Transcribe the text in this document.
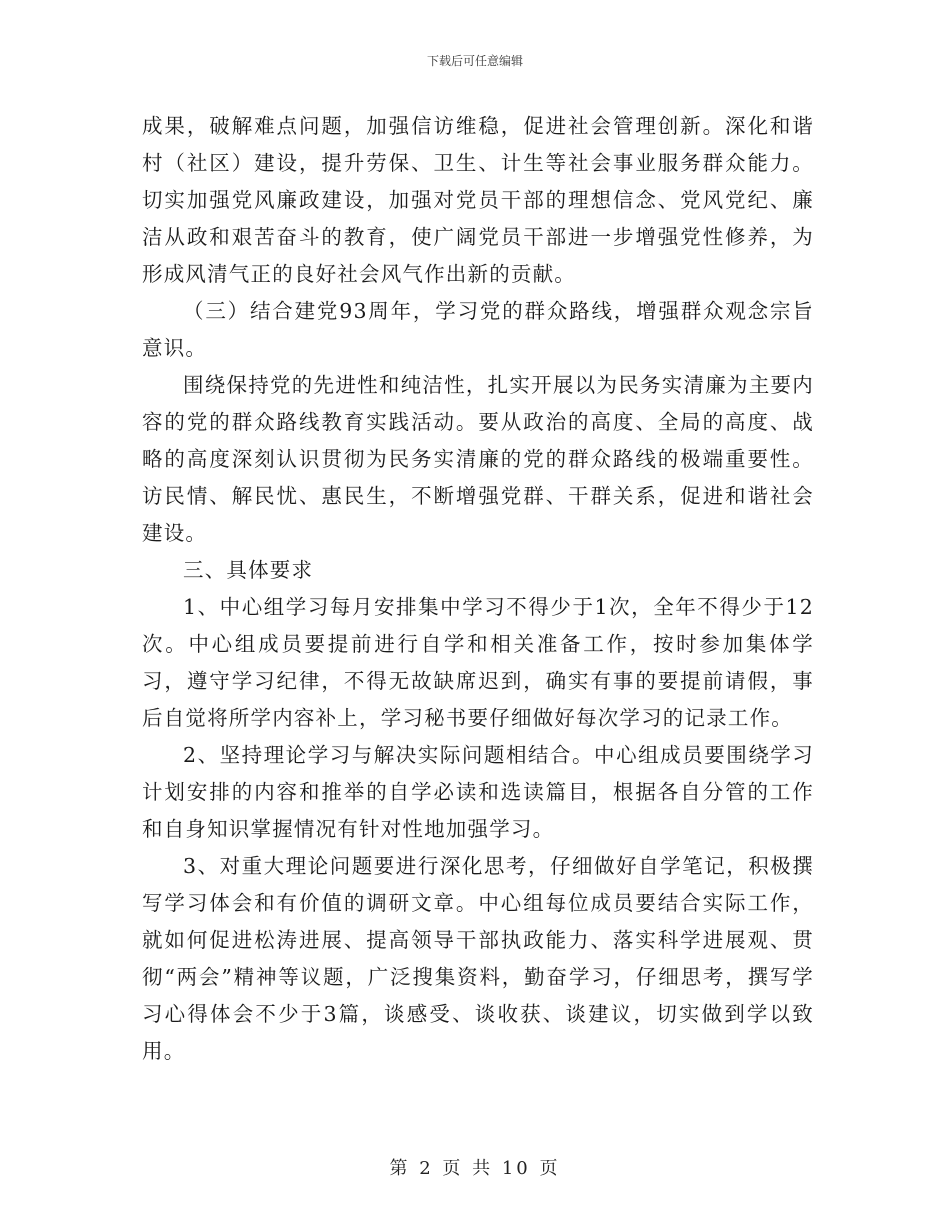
下载后可任意编辑

成果，破解难点问题，加强信访维稳，促进社会管理创新。深化和谐村（社区）建设，提升劳保、卫生、计生等社会事业服务群众能力。切实加强党风廉政建设，加强对党员干部的理想信念、党风党纪、廉洁从政和艰苦奋斗的教育，使广阔党员干部进一步增强党性修养，为形成风清气正的良好社会风气作出新的贡献。

（三）结合建党93周年，学习党的群众路线，增强群众观念宗旨意识。

围绕保持党的先进性和纯洁性，扎实开展以为民务实清廉为主要内容的党的群众路线教育实践活动。要从政治的高度、全局的高度、战略的高度深刻认识贯彻为民务实清廉的党的群众路线的极端重要性。访民情、解民忧、惠民生，不断增强党群、干群关系，促进和谐社会建设。

三、具体要求

1、中心组学习每月安排集中学习不得少于1次，全年不得少于12次。中心组成员要提前进行自学和相关准备工作，按时参加集体学习，遵守学习纪律，不得无故缺席迟到，确实有事的要提前请假，事后自觉将所学内容补上，学习秘书要仔细做好每次学习的记录工作。

2、坚持理论学习与解决实际问题相结合。中心组成员要围绕学习计划安排的内容和推举的自学必读和选读篇目，根据各自分管的工作和自身知识掌握情况有针对性地加强学习。

3、对重大理论问题要进行深化思考，仔细做好自学笔记，积极撰写学习体会和有价值的调研文章。中心组每位成员要结合实际工作，就如何促进松涛进展、提高领导干部执政能力、落实科学进展观、贯彻“两会”精神等议题，广泛搜集资料，勤奋学习，仔细思考，撰写学习心得体会不少于3篇，谈感受、谈收获、谈建议，切实做到学以致用。

第 2 页 共 10 页
